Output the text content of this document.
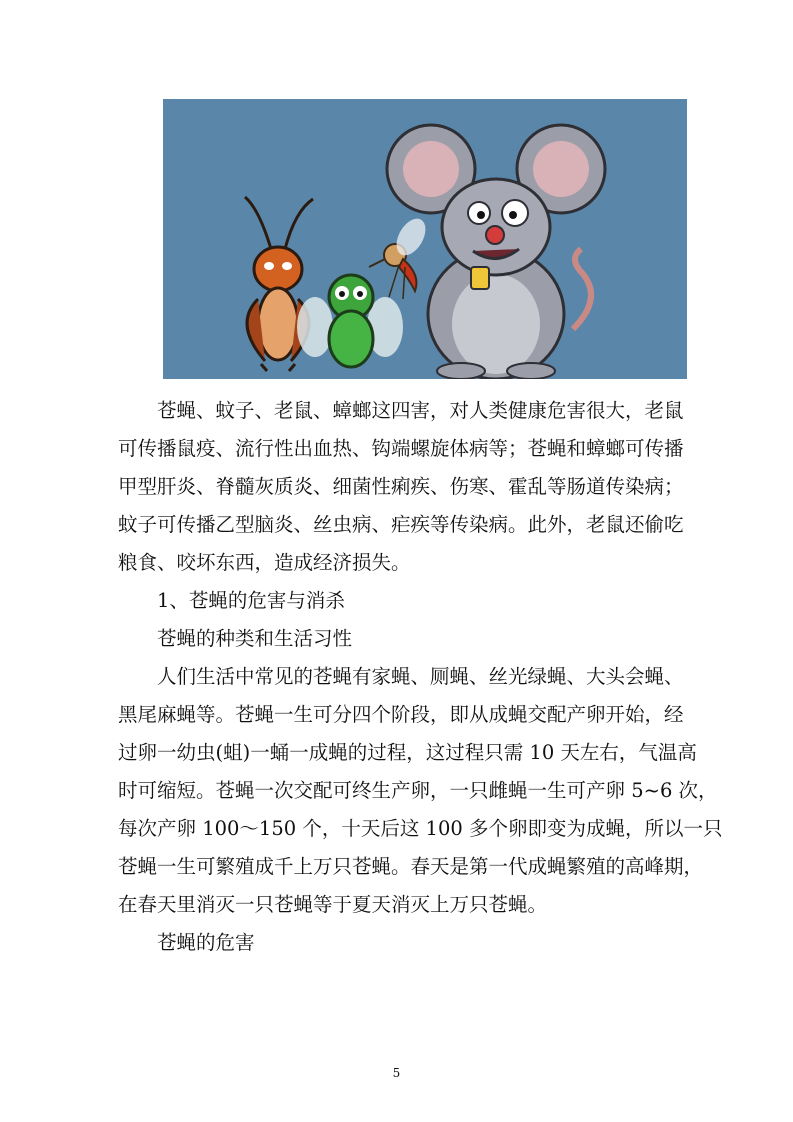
苍蝇、蚊子、老鼠、蟑螂这四害，对人类健康危害很大，老鼠
可传播鼠疫、流行性出血热、钩端螺旋体病等；苍蝇和蟑螂可传播
甲型肝炎、脊髓灰质炎、细菌性痢疾、伤寒、霍乱等肠道传染病；
蚊子可传播乙型脑炎、丝虫病、疟疾等传染病。此外，老鼠还偷吃
粮食、咬坏东西，造成经济损失。
1、苍蝇的危害与消杀
苍蝇的种类和生活习性
人们生活中常见的苍蝇有家蝇、厕蝇、丝光绿蝇、大头会蝇、
黑尾麻蝇等。苍蝇一生可分四个阶段，即从成蝇交配产卵开始，经
过卵一幼虫(蛆)一蛹一成蝇的过程，这过程只需 10 天左右，气温高
时可缩短。苍蝇一次交配可终生产卵，一只雌蝇一生可产卵 5~6 次，
每次产卵 100～150 个，十天后这 100 多个卵即变为成蝇，所以一只
苍蝇一生可繁殖成千上万只苍蝇。春天是第一代成蝇繁殖的高峰期，
在春天里消灭一只苍蝇等于夏天消灭上万只苍蝇。
苍蝇的危害
5
